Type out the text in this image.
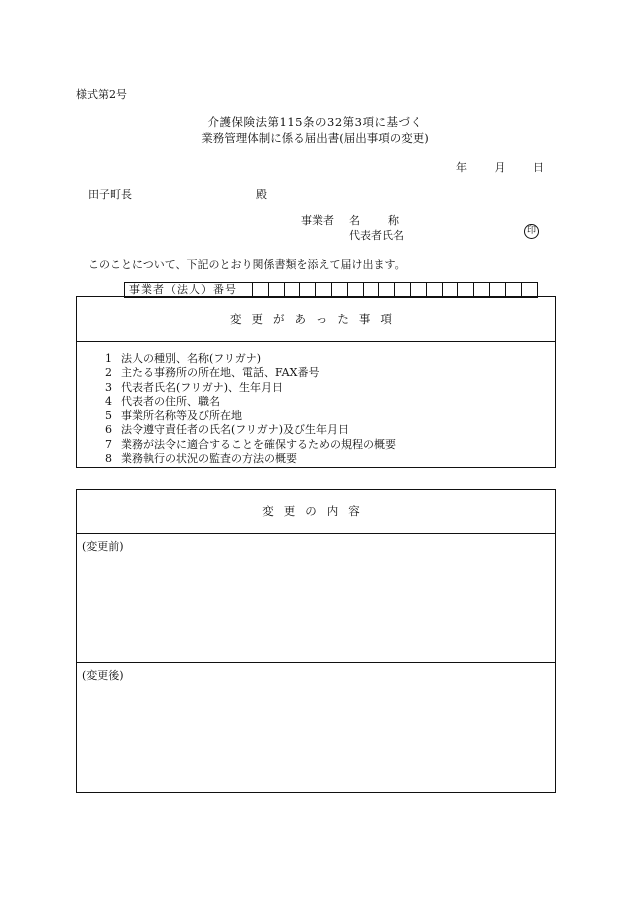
様式第2号
介護保険法第115条の32第3項に基づく
業務管理体制に係る届出書(届出事項の変更)
年	月	日
田子町長	殿
事業者 名	称
代表者氏名	印
このことについて、下記のとおり関係書類を添えて届け出ます。
事業者（法人）番号
変更があった事項
1 法人の種別、名称(フリガナ)
2 主たる事務所の所在地、電話、FAX番号
3 代表者氏名(フリガナ)、生年月日
4 代表者の住所、職名
5 事業所名称等及び所在地
6 法令遵守責任者の氏名(フリガナ)及び生年月日
7 業務が法令に適合することを確保するための規程の概要
8 業務執行の状況の監査の方法の概要
変更の内容
(変更前)
(変更後)
